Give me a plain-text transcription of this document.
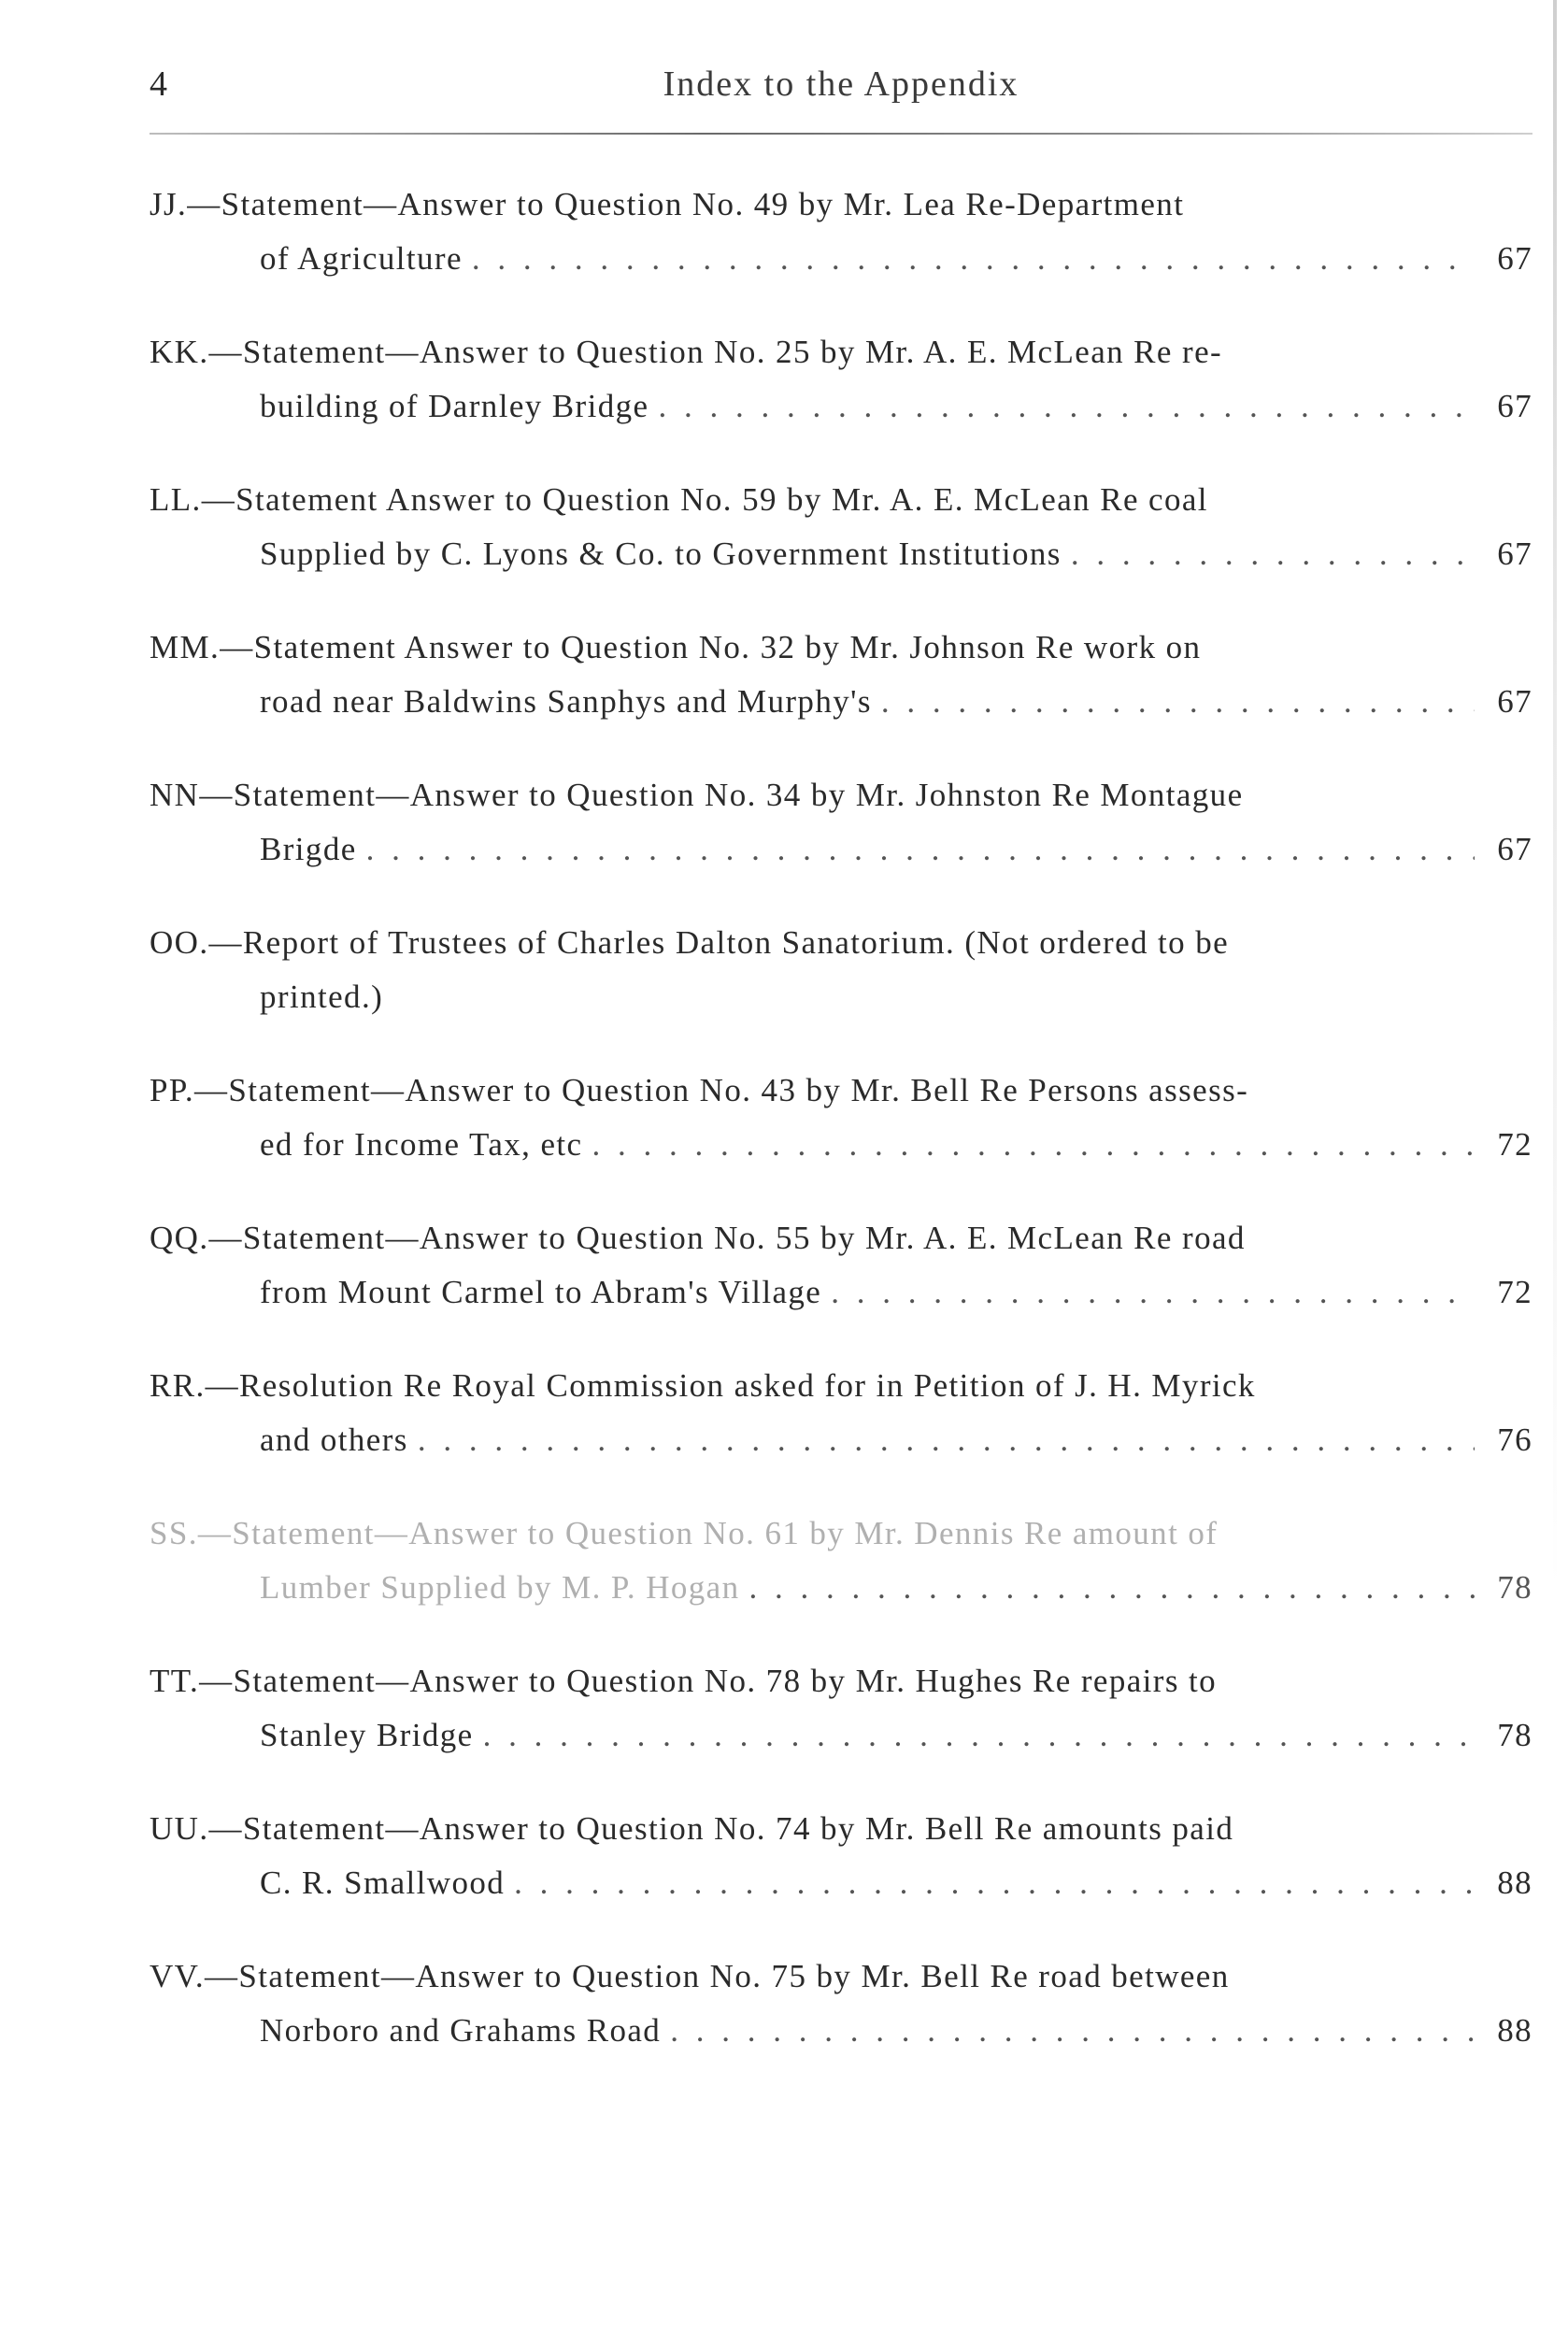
4	Index to the Appendix
JJ.—Statement—Answer to Question No. 49 by Mr. Lea Re-Department
of Agriculture . . .	67
KK.—Statement—Answer to Question No. 25 by Mr. A. E. McLean Re re-
building of Darnley Bridge . . .	67
LL.—Statement Answer to Question No. 59 by Mr. A. E. McLean Re coal
Supplied by C. Lyons & Co. to Government Institutions . . .	67
MM.—Statement Answer to Question No. 32 by Mr. Johnson Re work on
road near Baldwins Sanphys and Murphy's . . .	67
NN—Statement—Answer to Question No. 34 by Mr. Johnston Re Montague
Brigde . . .	67
OO.—Report of Trustees of Charles Dalton Sanatorium. (Not ordered to be
printed.)
PP.—Statement—Answer to Question No. 43 by Mr. Bell Re Persons assess-
ed for Income Tax, etc . . .	72
QQ.—Statement—Answer to Question No. 55 by Mr. A. E. McLean Re road
from Mount Carmel to Abram's Village . . .	72
RR.—Resolution Re Royal Commission asked for in Petition of J. H. Myrick
and others . . .	76
SS.—Statement—Answer to Question No. 61 by Mr. Dennis Re amount of
Lumber Supplied by M. P. Hogan . . .	78
TT.—Statement—Answer to Question No. 78 by Mr. Hughes Re repairs to
Stanley Bridge . . .	78
UU.—Statement—Answer to Question No. 74 by Mr. Bell Re amounts paid
C. R. Smallwood . . .	88
VV.—Statement—Answer to Question No. 75 by Mr. Bell Re road between
Norboro and Grahams Road . . .	88
